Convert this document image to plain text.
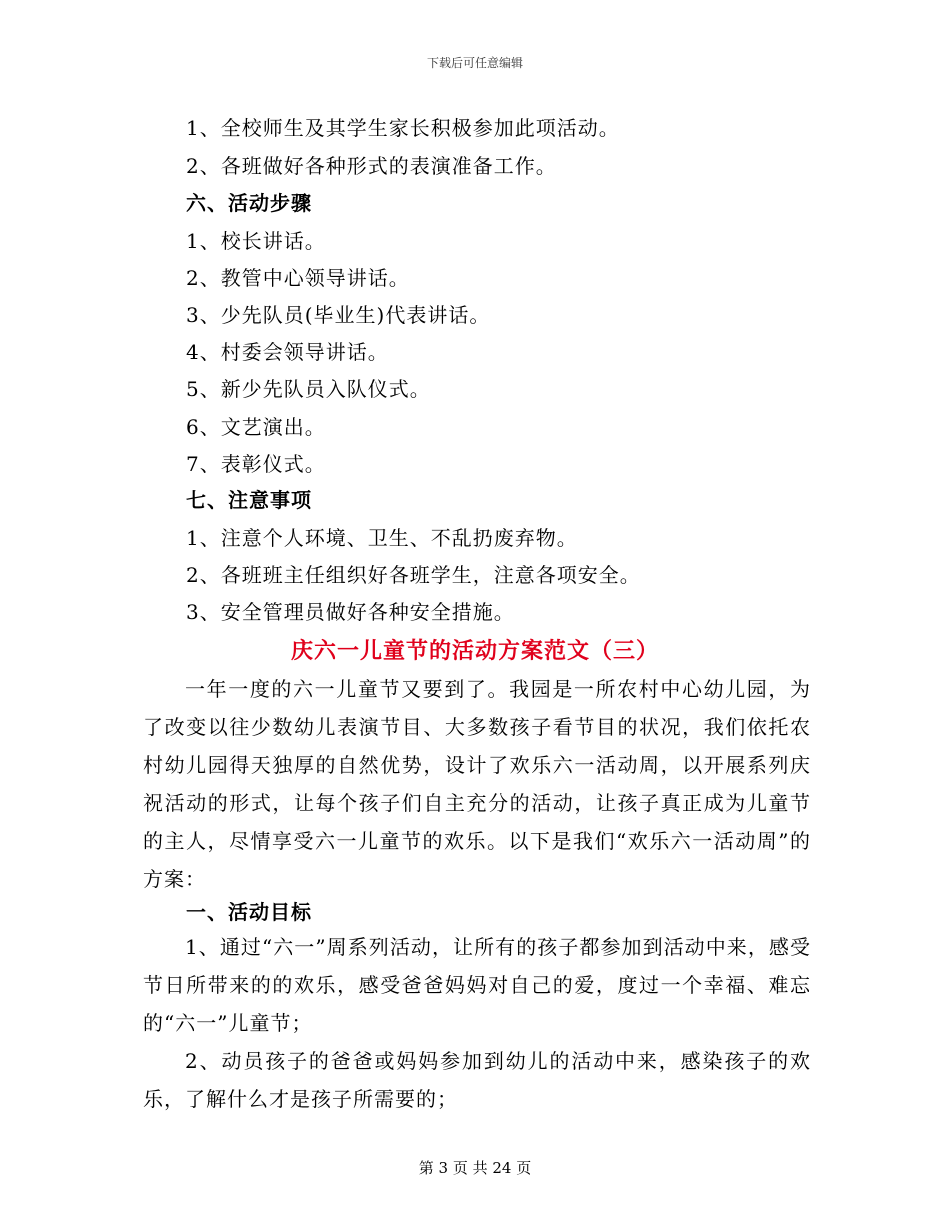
下载后可任意编辑
1、全校师生及其学生家长积极参加此项活动。
2、各班做好各种形式的表演准备工作。
六、活动步骤
1、校长讲话。
2、教管中心领导讲话。
3、少先队员(毕业生)代表讲话。
4、村委会领导讲话。
5、新少先队员入队仪式。
6、文艺演出。
7、表彰仪式。
七、注意事项
1、注意个人环境、卫生、不乱扔废弃物。
2、各班班主任组织好各班学生，注意各项安全。
3、安全管理员做好各种安全措施。
庆六一儿童节的活动方案范文（三）
一年一度的六一儿童节又要到了。我园是一所农村中心幼儿园，为了改变以往少数幼儿表演节目、大多数孩子看节目的状况，我们依托农村幼儿园得天独厚的自然优势，设计了欢乐六一活动周，以开展系列庆祝活动的形式，让每个孩子们自主充分的活动，让孩子真正成为儿童节的主人，尽情享受六一儿童节的欢乐。以下是我们“欢乐六一活动周”的方案：
一、活动目标
1、通过“六一”周系列活动，让所有的孩子都参加到活动中来，感受节日所带来的的欢乐，感受爸爸妈妈对自己的爱，度过一个幸福、难忘的“六一”儿童节；
2、动员孩子的爸爸或妈妈参加到幼儿的活动中来，感染孩子的欢乐，了解什么才是孩子所需要的；
第 3 页 共 24 页
